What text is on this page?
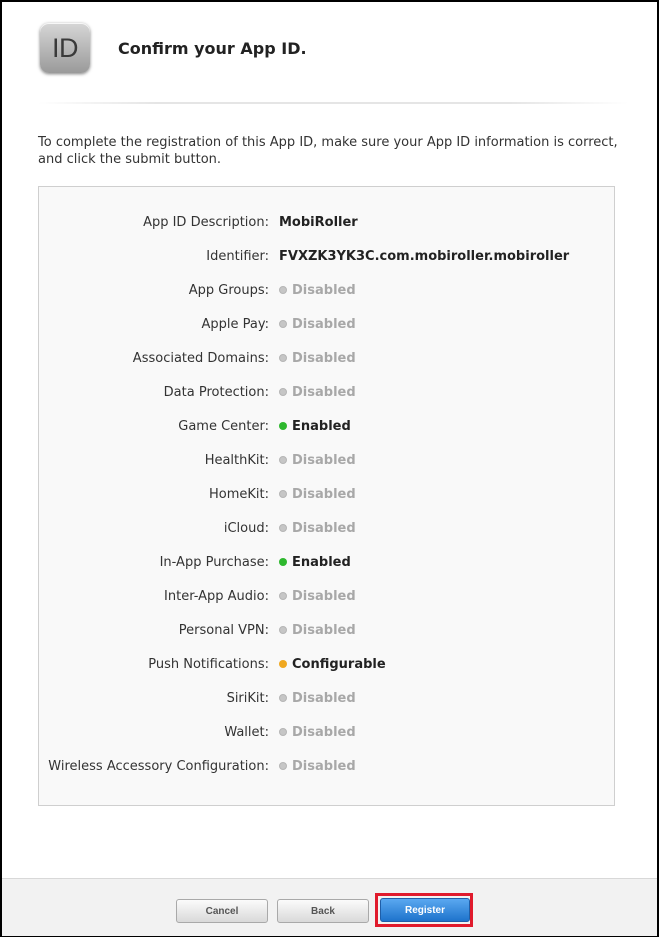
ID	Confirm your App ID.
To complete the registration of this App ID, make sure your App ID information is correct, and click the submit button.
App ID Description: MobiRoller
Identifier: FVXZK3YK3C.com.mobiroller.mobiroller
App Groups: Disabled
Apple Pay: Disabled
Associated Domains: Disabled
Data Protection: Disabled
Game Center: Enabled
HealthKit: Disabled
HomeKit: Disabled
iCloud: Disabled
In-App Purchase: Enabled
Inter-App Audio: Disabled
Personal VPN: Disabled
Push Notifications: Configurable
SiriKit: Disabled
Wallet: Disabled
Wireless Accessory Configuration: Disabled
Cancel	Back	Register
